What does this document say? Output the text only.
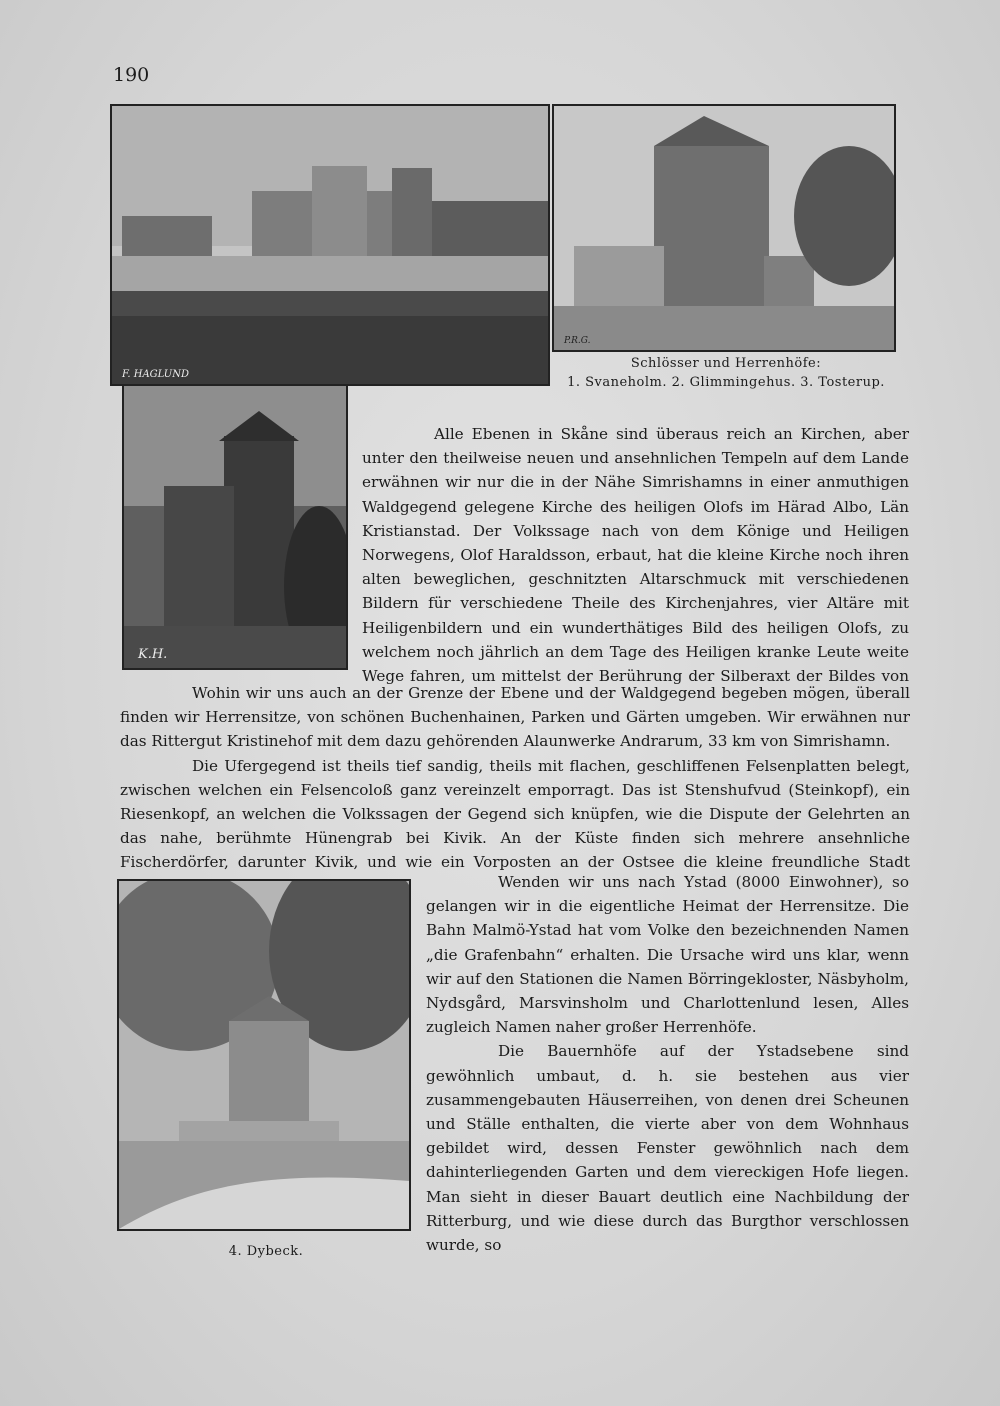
190
F. HAGLUND
P.R.G.
Schlösser und Herrenhöfe:
1. Svaneholm. 2. Glimmingehus. 3. Tosterup.
K.H.
4. Dybeck.

Alle Ebenen in Skåne sind überaus reich an Kirchen, aber unter den theilweise neuen und ansehnlichen Tempeln auf dem Lande erwähnen wir nur die in der Nähe Simrishamns in einer anmuthigen Waldgegend gelegene Kirche des heiligen Olofs im Härad Albo, Län Kristianstad. Der Volkssage nach von dem Könige und Heiligen Norwegens, Olof Haraldsson, erbaut, hat die kleine Kirche noch ihren alten beweglichen, geschnitzten Altarschmuck mit verschiedenen Bildern für verschiedene Theile des Kirchenjahres, vier Altäre mit Heiligenbildern und ein wunderthätiges Bild des heiligen Olofs, zu welchem noch jährlich an dem Tage des Heiligen kranke Leute weite Wege fahren, um mittelst der Berührung der Silberaxt der Bildes von

Wohin wir uns auch an der Grenze der Ebene und der Waldgegend begeben mögen, überall finden wir Herrensitze, von schönen Buchenhainen, Parken und Gärten umgeben. Wir erwähnen nur das Rittergut Kristinehof mit dem dazu gehörenden Alaunwerke Andrarum, 33 km von Simrishamn.

Die Ufergegend ist theils tief sandig, theils mit flachen, geschliffenen Felsenplatten belegt, zwischen welchen ein Felsencoloß ganz vereinzelt emporragt. Das ist Stenshufvud (Steinkopf), ein Riesenkopf, an welchen die Volkssagen der Gegend sich knüpfen, wie die Dispute der Gelehrten an das nahe, berühmte Hünengrab bei Kivik. An der Küste finden sich mehrere ansehnliche Fischerdörfer, darunter Kivik, und wie ein Vorposten an der Ostsee die kleine freundliche Stadt

Wenden wir uns nach Ystad (8000 Einwohner), so gelangen wir in die eigentliche Heimat der Herrensitze. Die Bahn Malmö-Ystad hat vom Volke den bezeichnenden Namen „die Grafenbahn“ erhalten. Die Ursache wird uns klar, wenn wir auf den Stationen die Namen Börringekloster, Näsbyholm, Nydsgård, Marsvinsholm und Charlottenlund lesen, Alles zugleich Namen naher großer Herrenhöfe.

Die Bauernhöfe auf der Ystadsebene sind gewöhnlich umbaut, d. h. sie bestehen aus vier zusammengebauten Häuserreihen, von denen drei Scheunen und Ställe enthalten, die vierte aber von dem Wohnhaus gebildet wird, dessen Fenster gewöhnlich nach dem dahinterliegenden Garten und dem viereckigen Hofe liegen. Man sieht in dieser Bauart deutlich eine Nachbildung der Ritterburg, und wie diese durch das Burgthor verschlossen wurde, so
